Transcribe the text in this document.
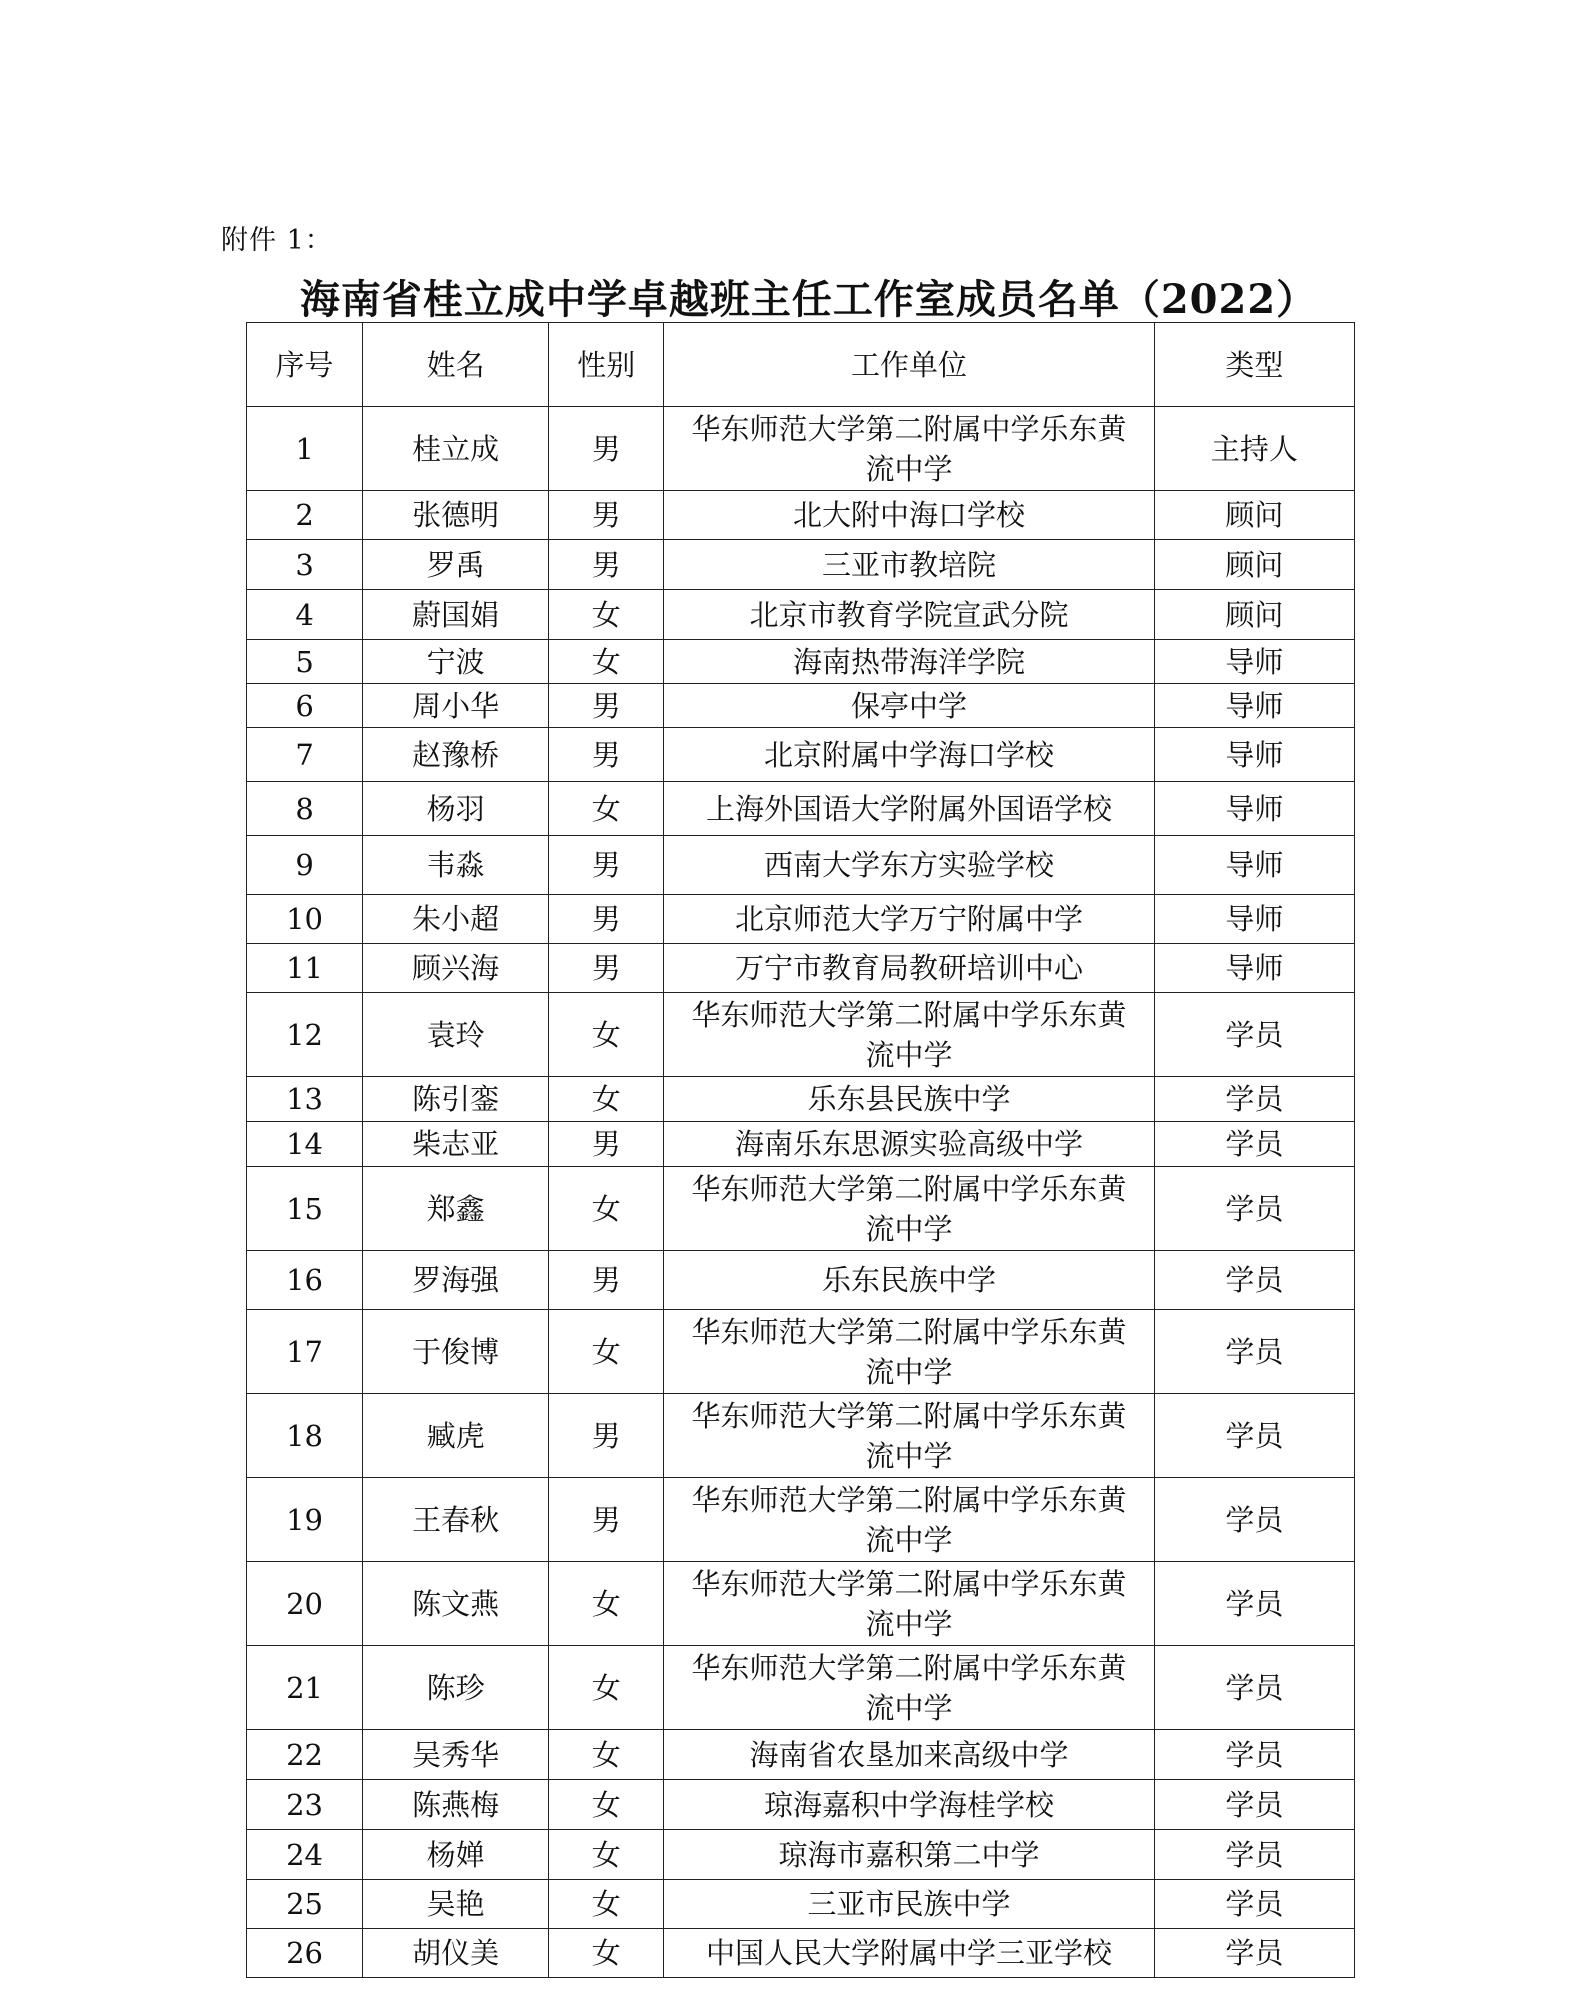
附件 1：
海南省桂立成中学卓越班主任工作室成员名单（2022）
序号	姓名	性别	工作单位	类型
1	桂立成	男	华东师范大学第二附属中学乐东黄流中学	主持人
2	张德明	男	北大附中海口学校	顾问
3	罗禹	男	三亚市教培院	顾问
4	蔚国娟	女	北京市教育学院宣武分院	顾问
5	宁波	女	海南热带海洋学院	导师
6	周小华	男	保亭中学	导师
7	赵豫桥	男	北京附属中学海口学校	导师
8	杨羽	女	上海外国语大学附属外国语学校	导师
9	韦淼	男	西南大学东方实验学校	导师
10	朱小超	男	北京师范大学万宁附属中学	导师
11	顾兴海	男	万宁市教育局教研培训中心	导师
12	袁玲	女	华东师范大学第二附属中学乐东黄流中学	学员
13	陈引銮	女	乐东县民族中学	学员
14	柴志亚	男	海南乐东思源实验高级中学	学员
15	郑鑫	女	华东师范大学第二附属中学乐东黄流中学	学员
16	罗海强	男	乐东民族中学	学员
17	于俊博	女	华东师范大学第二附属中学乐东黄流中学	学员
18	臧虎	男	华东师范大学第二附属中学乐东黄流中学	学员
19	王春秋	男	华东师范大学第二附属中学乐东黄流中学	学员
20	陈文燕	女	华东师范大学第二附属中学乐东黄流中学	学员
21	陈珍	女	华东师范大学第二附属中学乐东黄流中学	学员
22	吴秀华	女	海南省农垦加来高级中学	学员
23	陈燕梅	女	琼海嘉积中学海桂学校	学员
24	杨婵	女	琼海市嘉积第二中学	学员
25	吴艳	女	三亚市民族中学	学员
26	胡仪美	女	中国人民大学附属中学三亚学校	学员
